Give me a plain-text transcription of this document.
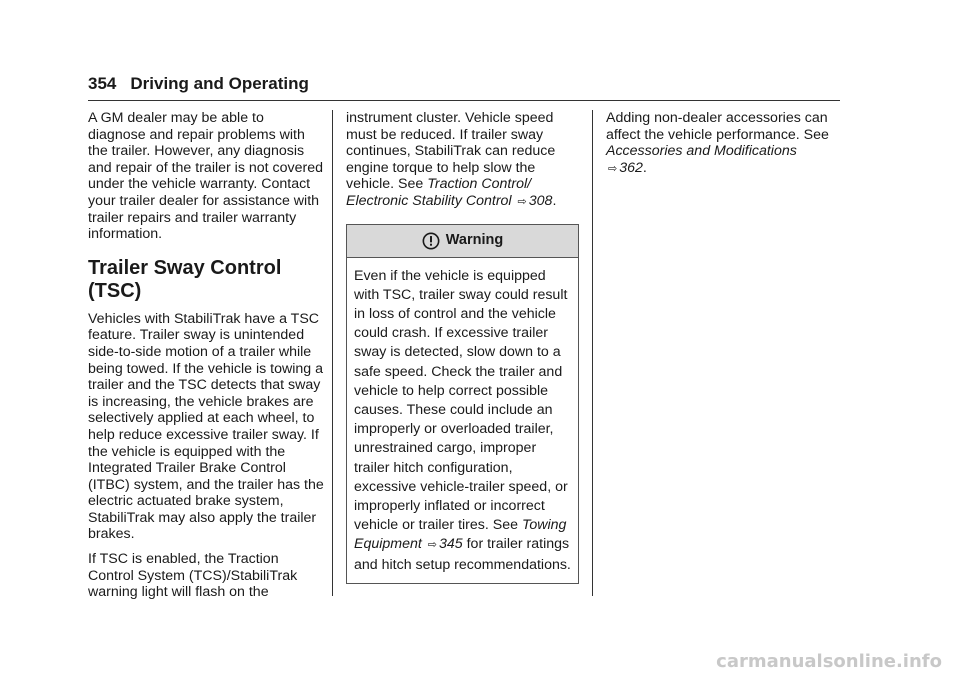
354 Driving and Operating

A GM dealer may be able to diagnose and repair problems with the trailer. However, any diagnosis and repair of the trailer is not covered under the vehicle warranty. Contact your trailer dealer for assistance with trailer repairs and trailer warranty information.

Trailer Sway Control (TSC)

Vehicles with StabiliTrak have a TSC feature. Trailer sway is unintended side-to-side motion of a trailer while being towed. If the vehicle is towing a trailer and the TSC detects that sway is increasing, the vehicle brakes are selectively applied at each wheel, to help reduce excessive trailer sway. If the vehicle is equipped with the Integrated Trailer Brake Control (ITBC) system, and the trailer has the electric actuated brake system, StabiliTrak may also apply the trailer brakes.

If TSC is enabled, the Traction Control System (TCS)/StabiliTrak warning light will flash on the

instrument cluster. Vehicle speed must be reduced. If trailer sway continues, StabiliTrak can reduce engine torque to help slow the vehicle. See Traction Control/ Electronic Stability Control ⇨ 308.

Warning
Even if the vehicle is equipped with TSC, trailer sway could result in loss of control and the vehicle could crash. If excessive trailer sway is detected, slow down to a safe speed. Check the trailer and vehicle to help correct possible causes. These could include an improperly or overloaded trailer, unrestrained cargo, improper trailer hitch configuration, excessive vehicle-trailer speed, or improperly inflated or incorrect vehicle or trailer tires. See Towing Equipment ⇨ 345 for trailer ratings and hitch setup recommendations.

Adding non-dealer accessories can affect the vehicle performance. See Accessories and Modifications ⇨ 362.

carmanualsonline.info
